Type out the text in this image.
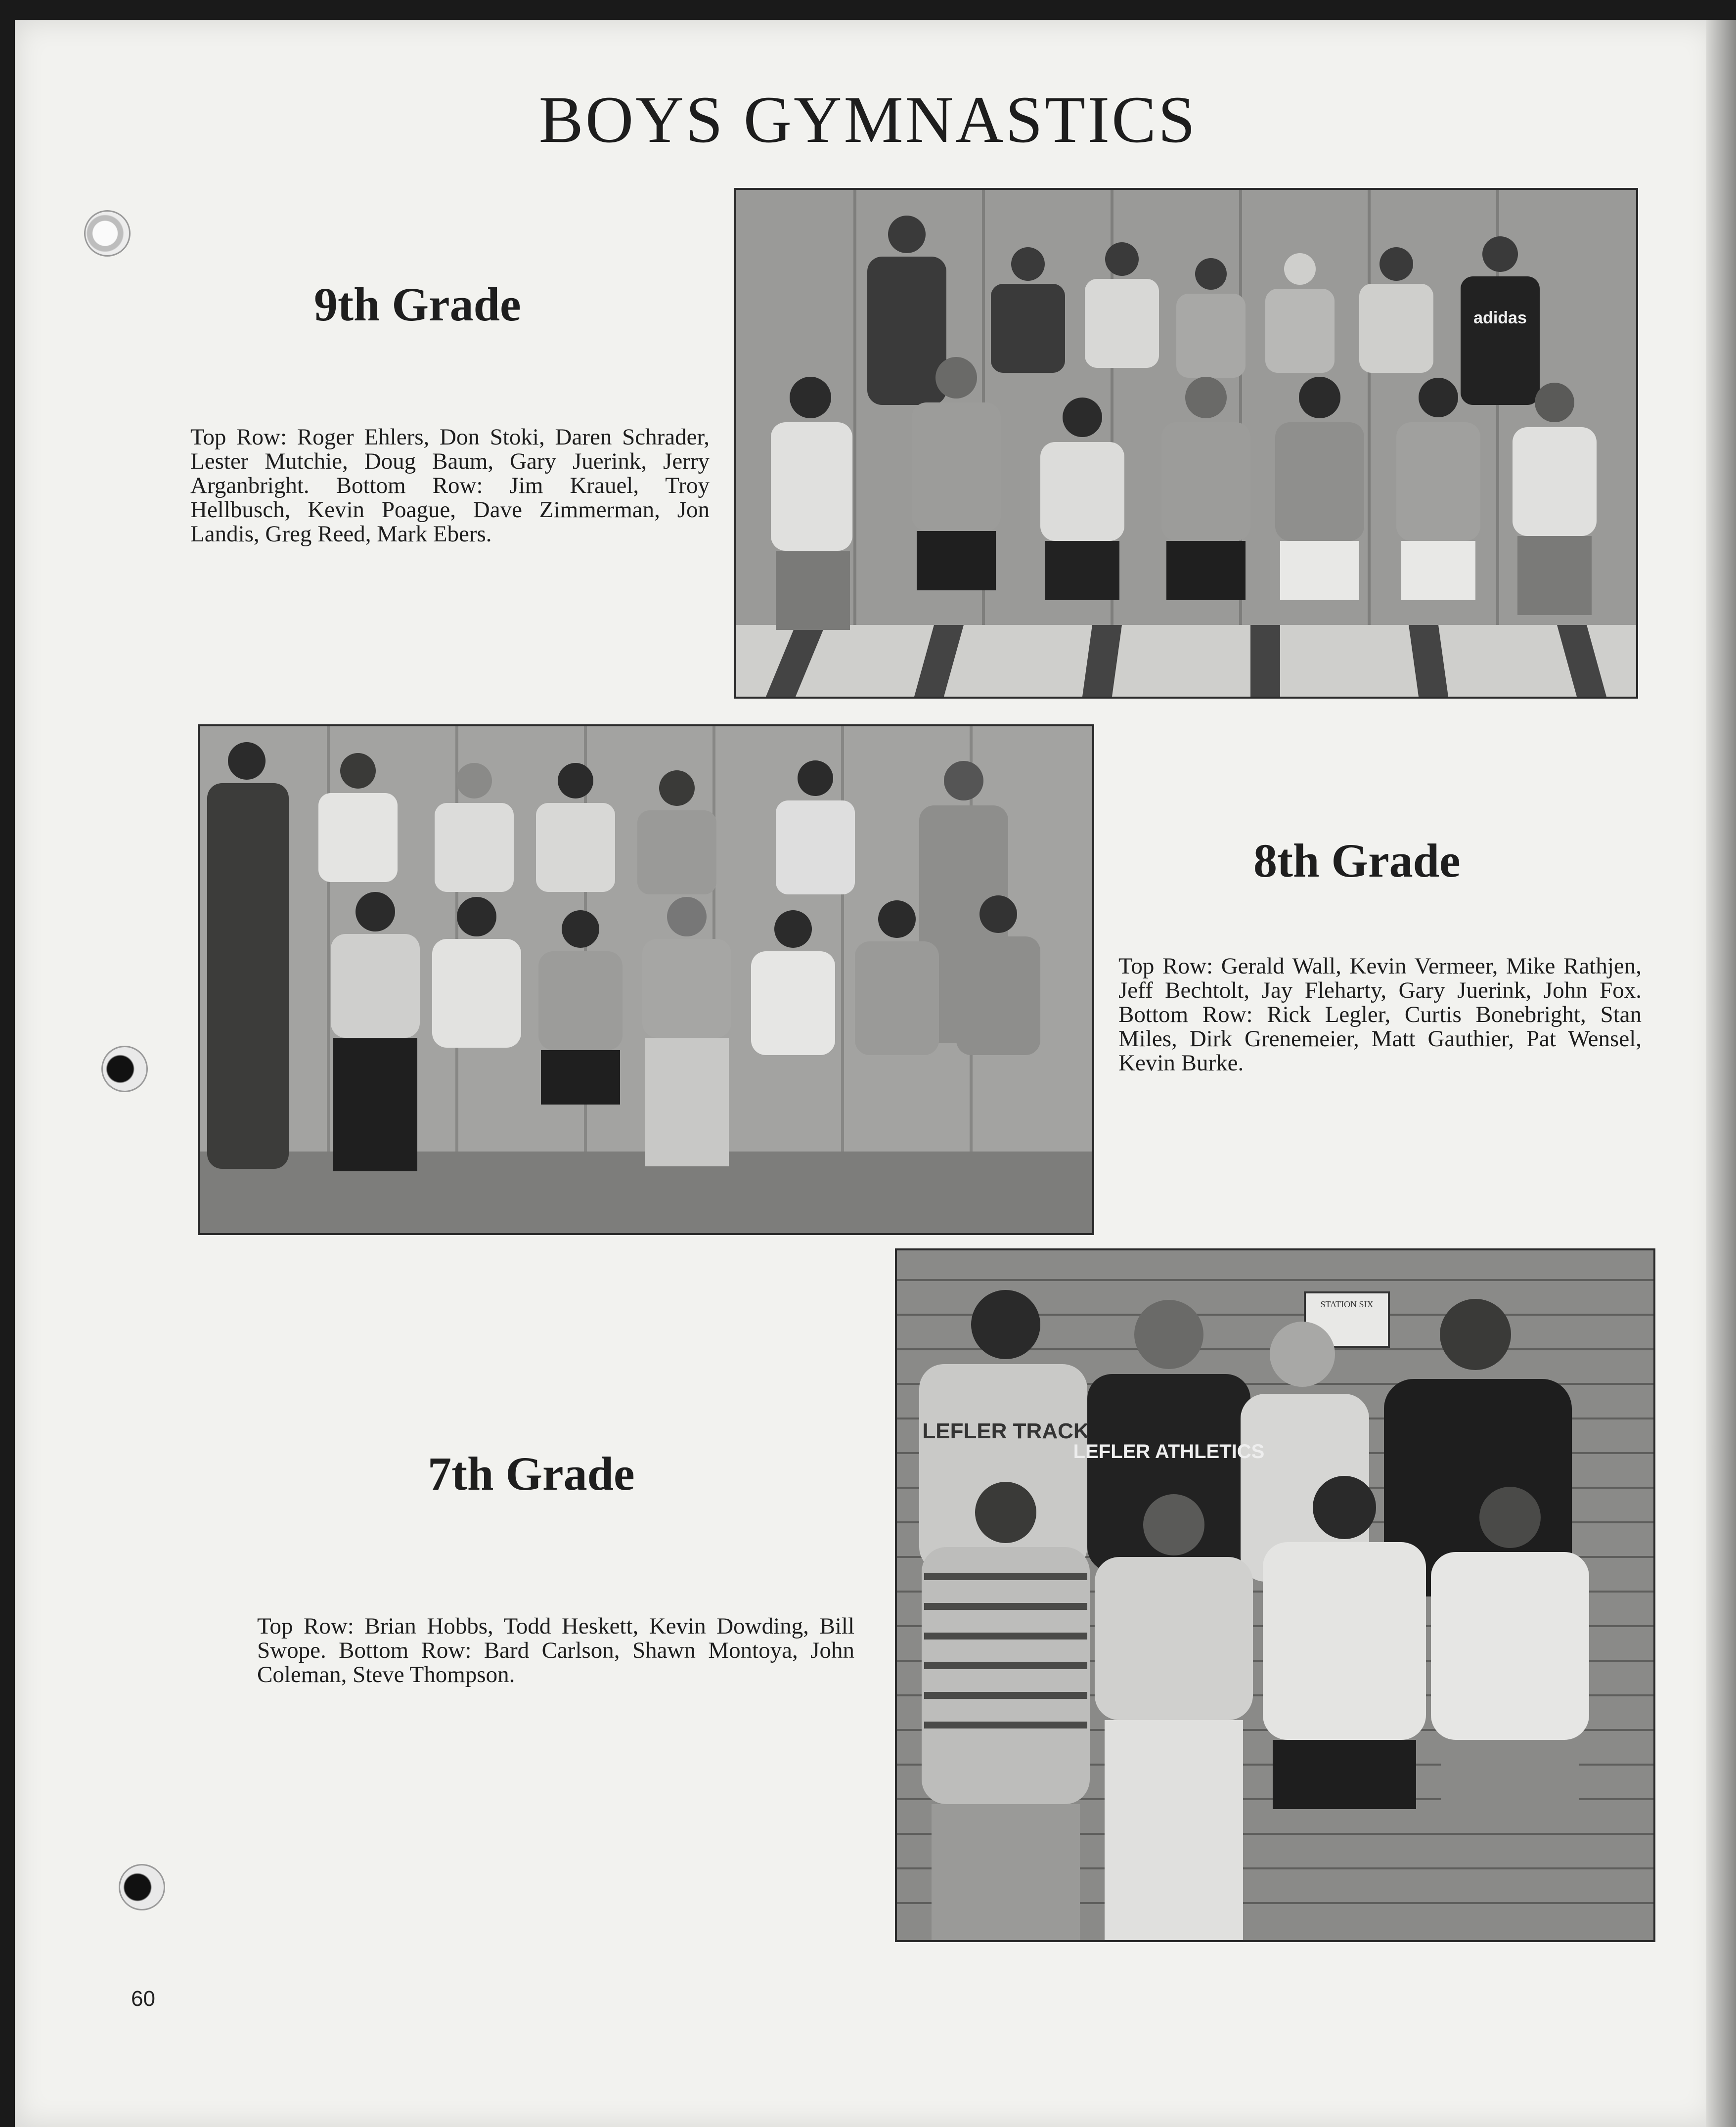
BOYS GYMNASTICS
9th Grade
Top Row: Roger Ehlers, Don Stoki, Daren Schrader, Lester Mutchie, Doug Baum, Gary Juerink, Jerry Arganbright. Bottom Row: Jim Krauel, Troy Hellbusch, Kevin Poague, Dave Zimmerman, Jon Landis, Greg Reed, Mark Ebers.
adidas
8th Grade
Top Row: Gerald Wall, Kevin Vermeer, Mike Rathjen, Jeff Bechtolt, Jay Fleharty, Gary Juerink, John Fox. Bottom Row: Rick Legler, Curtis Bonebright, Stan Miles, Dirk Grenemeier, Matt Gauthier, Pat Wensel, Kevin Burke.
7th Grade
Top Row: Brian Hobbs, Todd Heskett, Kevin Dowding, Bill Swope. Bottom Row: Bard Carlson, Shawn Montoya, John Coleman, Steve Thompson.
STATION SIX
LEFLER TRACK
LEFLER ATHLETICS
60
